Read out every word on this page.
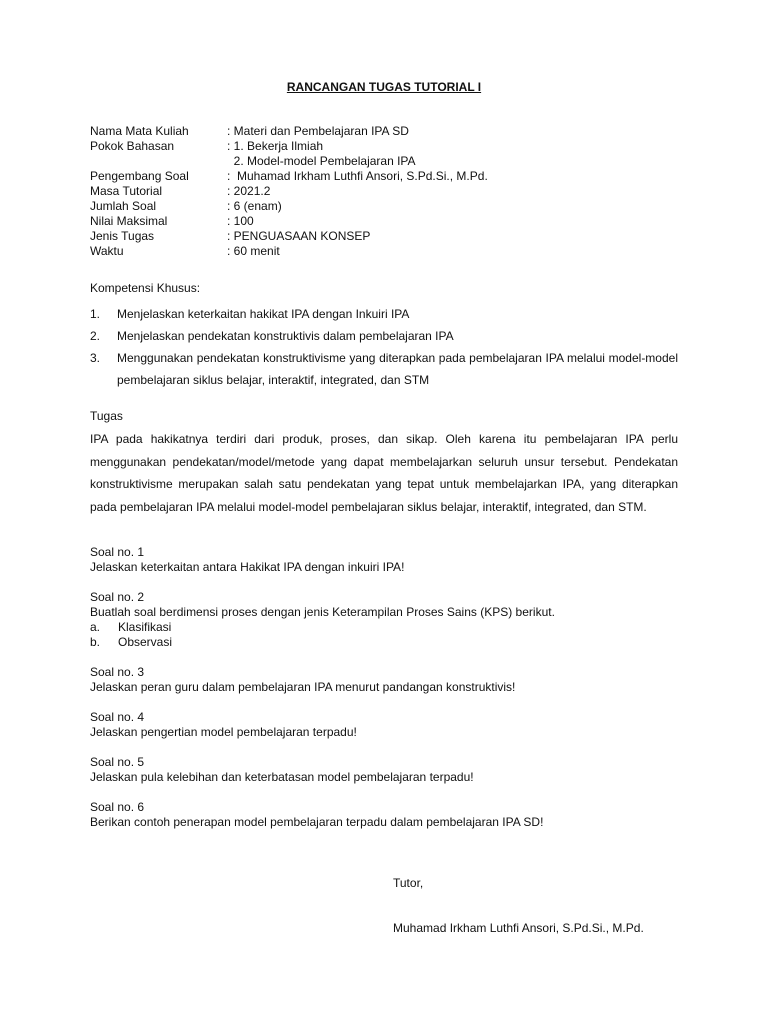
RANCANGAN TUGAS TUTORIAL I
Nama Mata Kuliah	: Materi dan Pembelajaran IPA SD
Pokok Bahasan	: 1. Bekerja Ilmiah
2. Model-model Pembelajaran IPA
Pengembang Soal	:  Muhamad Irkham Luthfi Ansori, S.Pd.Si., M.Pd.
Masa Tutorial	: 2021.2
Jumlah Soal	: 6 (enam)
Nilai Maksimal	: 100
Jenis Tugas	: PENGUASAAN KONSEP
Waktu	: 60 menit
Kompetensi Khusus:
1.	Menjelaskan keterkaitan hakikat IPA dengan Inkuiri IPA
2.	Menjelaskan pendekatan konstruktivis dalam pembelajaran IPA
3.	Menggunakan pendekatan konstruktivisme yang diterapkan pada pembelajaran IPA melalui model-model pembelajaran siklus belajar, interaktif, integrated, dan STM
Tugas
IPA pada hakikatnya terdiri dari produk, proses, dan sikap. Oleh karena itu pembelajaran IPA perlu menggunakan pendekatan/model/metode yang dapat membelajarkan seluruh unsur tersebut. Pendekatan konstruktivisme merupakan salah satu pendekatan yang tepat untuk membelajarkan IPA, yang diterapkan pada pembelajaran IPA melalui model-model pembelajaran siklus belajar, interaktif, integrated, dan STM.
Soal no. 1
Jelaskan keterkaitan antara Hakikat IPA dengan inkuiri IPA!
Soal no. 2
Buatlah soal berdimensi proses dengan jenis Keterampilan Proses Sains (KPS) berikut.
a.	Klasifikasi
b.	Observasi
Soal no. 3
Jelaskan peran guru dalam pembelajaran IPA menurut pandangan konstruktivis!
Soal no. 4
Jelaskan pengertian model pembelajaran terpadu!
Soal no. 5
Jelaskan pula kelebihan dan keterbatasan model pembelajaran terpadu!
Soal no. 6
Berikan contoh penerapan model pembelajaran terpadu dalam pembelajaran IPA SD!
Tutor,
Muhamad Irkham Luthfi Ansori, S.Pd.Si., M.Pd.
